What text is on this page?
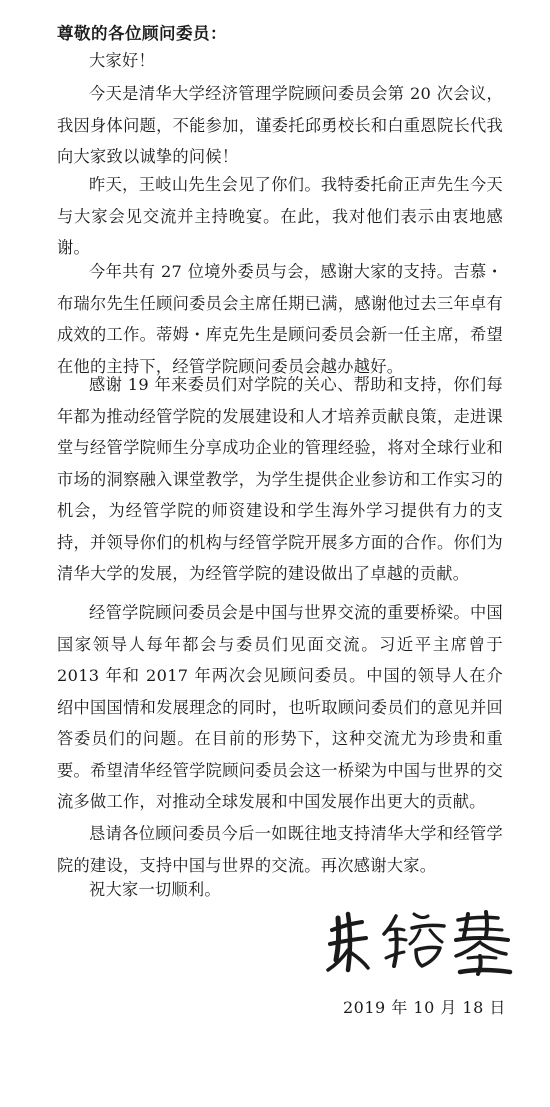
尊敬的各位顾问委员：

大家好！

今天是清华大学经济管理学院顾问委员会第 20 次会议，我因身体问题，不能参加，谨委托邱勇校长和白重恩院长代我向大家致以诚挚的问候！

昨天，王岐山先生会见了你们。我特委托俞正声先生今天与大家会见交流并主持晚宴。在此，我对他们表示由衷地感谢。

今年共有 27 位境外委员与会，感谢大家的支持。吉慕・布瑞尔先生任顾问委员会主席任期已满，感谢他过去三年卓有成效的工作。蒂姆・库克先生是顾问委员会新一任主席，希望在他的主持下，经管学院顾问委员会越办越好。

感谢 19 年来委员们对学院的关心、帮助和支持，你们每年都为推动经管学院的发展建设和人才培养贡献良策，走进课堂与经管学院师生分享成功企业的管理经验，将对全球行业和市场的洞察融入课堂教学，为学生提供企业参访和工作实习的机会，为经管学院的师资建设和学生海外学习提供有力的支持，并领导你们的机构与经管学院开展多方面的合作。你们为清华大学的发展，为经管学院的建设做出了卓越的贡献。

经管学院顾问委员会是中国与世界交流的重要桥梁。中国国家领导人每年都会与委员们见面交流。习近平主席曾于 2013 年和 2017 年两次会见顾问委员。中国的领导人在介绍中国国情和发展理念的同时，也听取顾问委员们的意见并回答委员们的问题。在目前的形势下，这种交流尤为珍贵和重要。希望清华经管学院顾问委员会这一桥梁为中国与世界的交流多做工作，对推动全球发展和中国发展作出更大的贡献。

恳请各位顾问委员今后一如既往地支持清华大学和经管学院的建设，支持中国与世界的交流。再次感谢大家。

祝大家一切顺利。

2019 年 10 月 18 日
